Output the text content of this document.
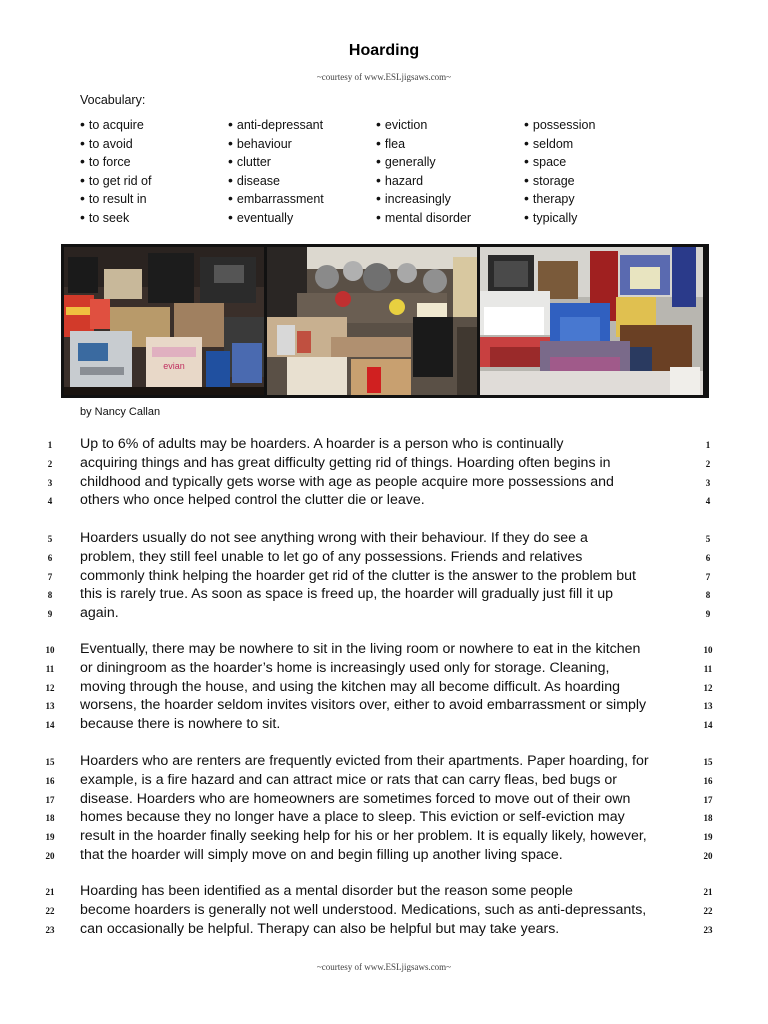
Hoarding
~courtesy of www.ESLjigsaws.com~
Vocabulary:
• to acquire
• to avoid
• to force
• to get rid of
• to result in
• to seek
• anti-depressant
• behaviour
• clutter
• disease
• embarrassment
• eventually
• eviction
• flea
• generally
• hazard
• increasingly
• mental disorder
• possession
• seldom
• space
• storage
• therapy
• typically
evian
by Nancy Callan
1
2
3
4
Up to 6% of adults may be hoarders. A hoarder is a person who is continually
acquiring things and has great difficulty getting rid of things. Hoarding often begins in
childhood and typically gets worse with age as people acquire more possessions and
others who once helped control the clutter die or leave.
1
2
3
4
5
6
7
8
9
Hoarders usually do not see anything wrong with their behaviour. If they do see a
problem, they still feel unable to let go of any possessions. Friends and relatives
commonly think helping the hoarder get rid of the clutter is the answer to the problem but
this is rarely true. As soon as space is freed up, the hoarder will gradually just fill it up
again.
5
6
7
8
9
10
11
12
13
14
Eventually, there may be nowhere to sit in the living room or nowhere to eat in the kitchen
or diningroom as the hoarder’s home is increasingly used only for storage. Cleaning,
moving through the house, and using the kitchen may all become difficult. As hoarding
worsens, the hoarder seldom invites visitors over, either to avoid embarrassment or simply
because there is nowhere to sit.
10
11
12
13
14
15
16
17
18
19
20
Hoarders who are renters are frequently evicted from their apartments. Paper hoarding, for
example, is a fire hazard and can attract mice or rats that can carry fleas, bed bugs or
disease. Hoarders who are homeowners are sometimes forced to move out of their own
homes because they no longer have a place to sleep. This eviction or self-eviction may
result in the hoarder finally seeking help for his or her problem. It is equally likely, however,
that the hoarder will simply move on and begin filling up another living space.
15
16
17
18
19
20
21
22
23
Hoarding has been identified as a mental disorder but the reason some people
become hoarders is generally not well understood. Medications, such as anti-depressants,
can occasionally be helpful. Therapy can also be helpful but may take years.
21
22
23
~courtesy of www.ESLjigsaws.com~
